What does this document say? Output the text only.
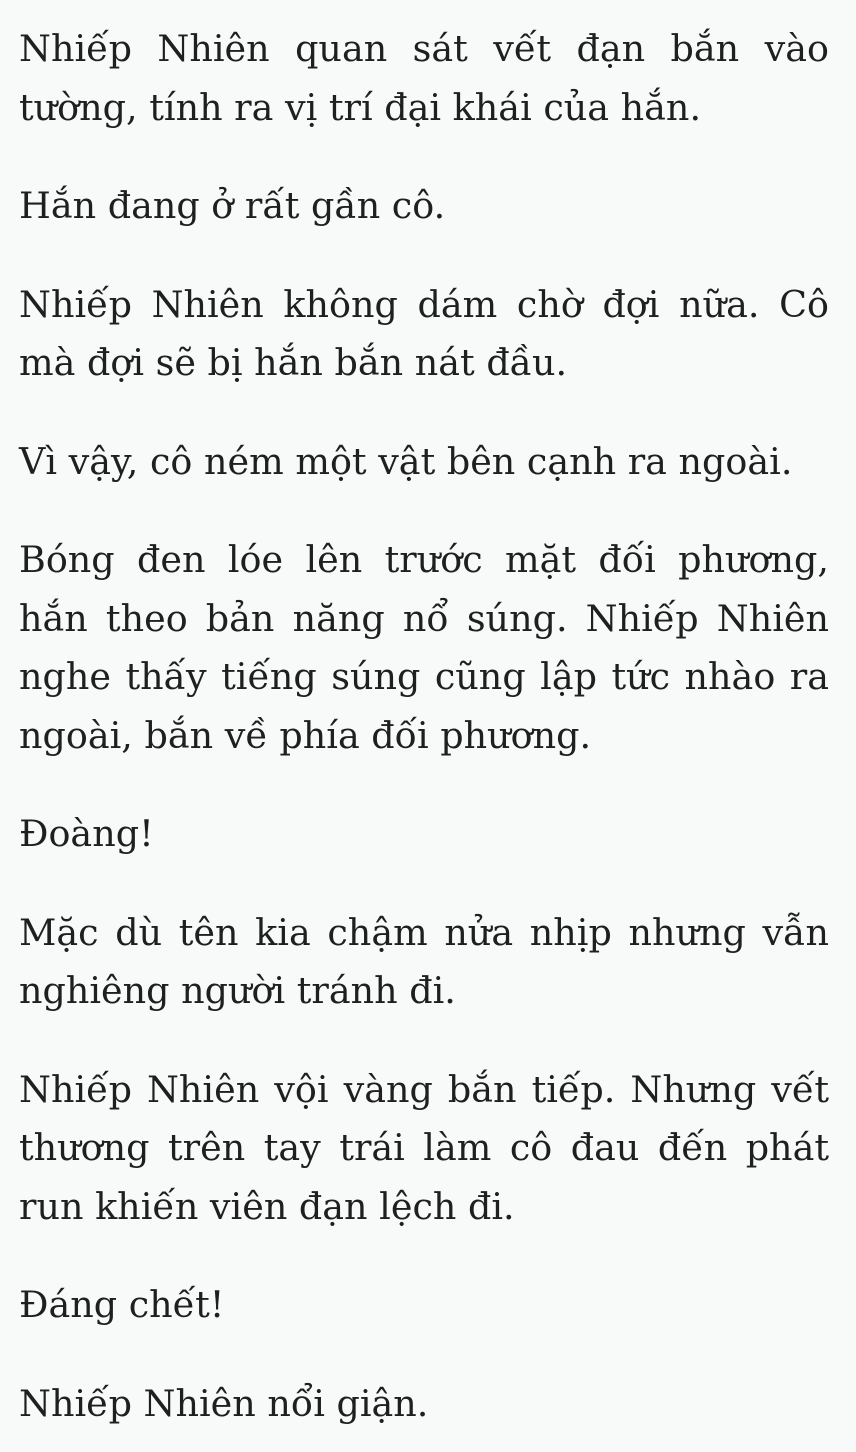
Nhiếp Nhiên quan sát vết đạn bắn vào tường, tính ra vị trí đại khái của hắn.

Hắn đang ở rất gần cô.

Nhiếp Nhiên không dám chờ đợi nữa. Cô mà đợi sẽ bị hắn bắn nát đầu.

Vì vậy, cô ném một vật bên cạnh ra ngoài.

Bóng đen lóe lên trước mặt đối phương, hắn theo bản năng nổ súng. Nhiếp Nhiên nghe thấy tiếng súng cũng lập tức nhào ra ngoài, bắn về phía đối phương.

Đoàng!

Mặc dù tên kia chậm nửa nhịp nhưng vẫn nghiêng người tránh đi.

Nhiếp Nhiên vội vàng bắn tiếp. Nhưng vết thương trên tay trái làm cô đau đến phát run khiến viên đạn lệch đi.

Đáng chết!

Nhiếp Nhiên nổi giận.
